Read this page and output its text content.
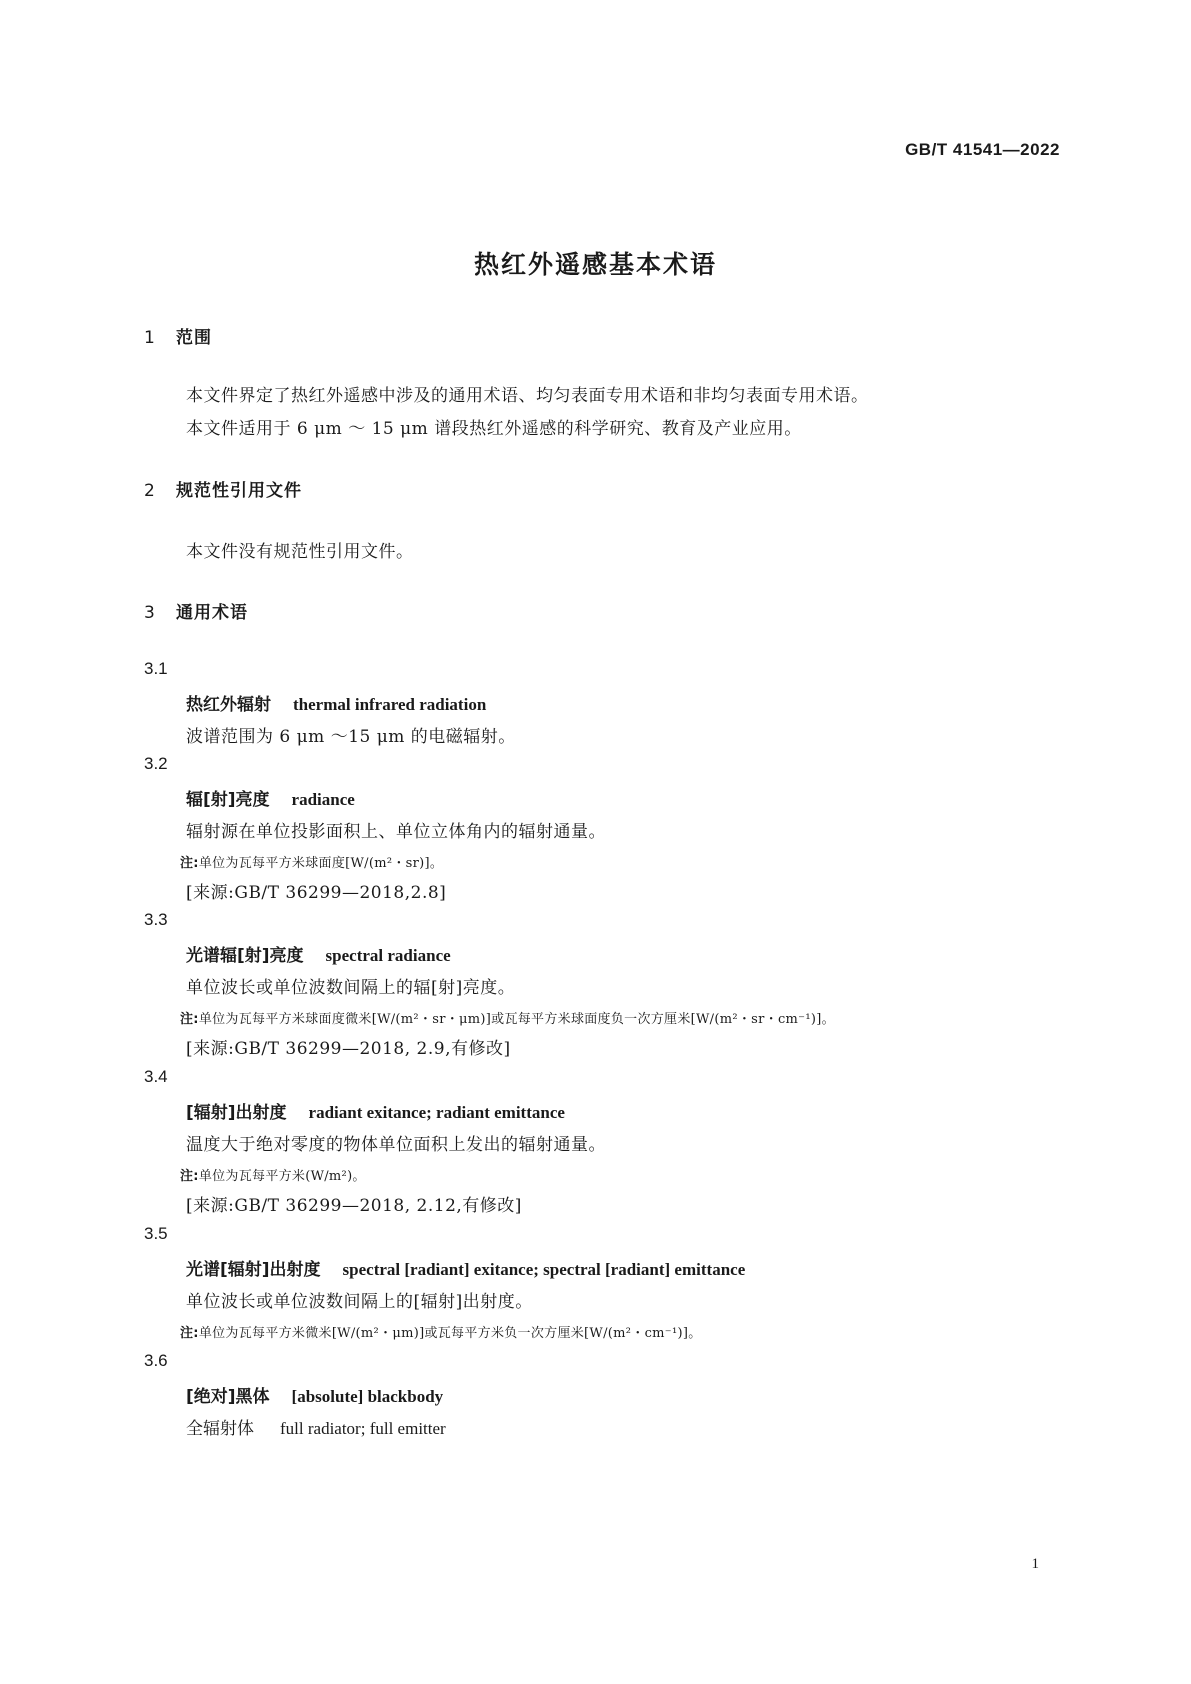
GB/T 41541—2022
热红外遥感基本术语
1 范围
本文件界定了热红外遥感中涉及的通用术语、均匀表面专用术语和非均匀表面专用术语。
本文件适用于 6 μm ～ 15 μm 谱段热红外遥感的科学研究、教育及产业应用。
2 规范性引用文件
本文件没有规范性引用文件。
3 通用术语
3.1
热红外辐射 thermal infrared radiation
波谱范围为 6 μm ～15 μm 的电磁辐射。
3.2
辐[射]亮度 radiance
辐射源在单位投影面积上、单位立体角内的辐射通量。
注:单位为瓦每平方米球面度[W/(m²・sr)]。
[来源:GB/T 36299—2018,2.8]
3.3
光谱辐[射]亮度 spectral radiance
单位波长或单位波数间隔上的辐[射]亮度。
注:单位为瓦每平方米球面度微米[W/(m²・sr・μm)]或瓦每平方米球面度负一次方厘米[W/(m²・sr・cm⁻¹)]。
[来源:GB/T 36299—2018, 2.9,有修改]
3.4
[辐射]出射度 radiant exitance; radiant emittance
温度大于绝对零度的物体单位面积上发出的辐射通量。
注:单位为瓦每平方米(W/m²)。
[来源:GB/T 36299—2018, 2.12,有修改]
3.5
光谱[辐射]出射度 spectral [radiant] exitance; spectral [radiant] emittance
单位波长或单位波数间隔上的[辐射]出射度。
注:单位为瓦每平方米微米[W/(m²・μm)]或瓦每平方米负一次方厘米[W/(m²・cm⁻¹)]。
3.6
[绝对]黑体 [absolute] blackbody
全辐射体 full radiator; full emitter
1
